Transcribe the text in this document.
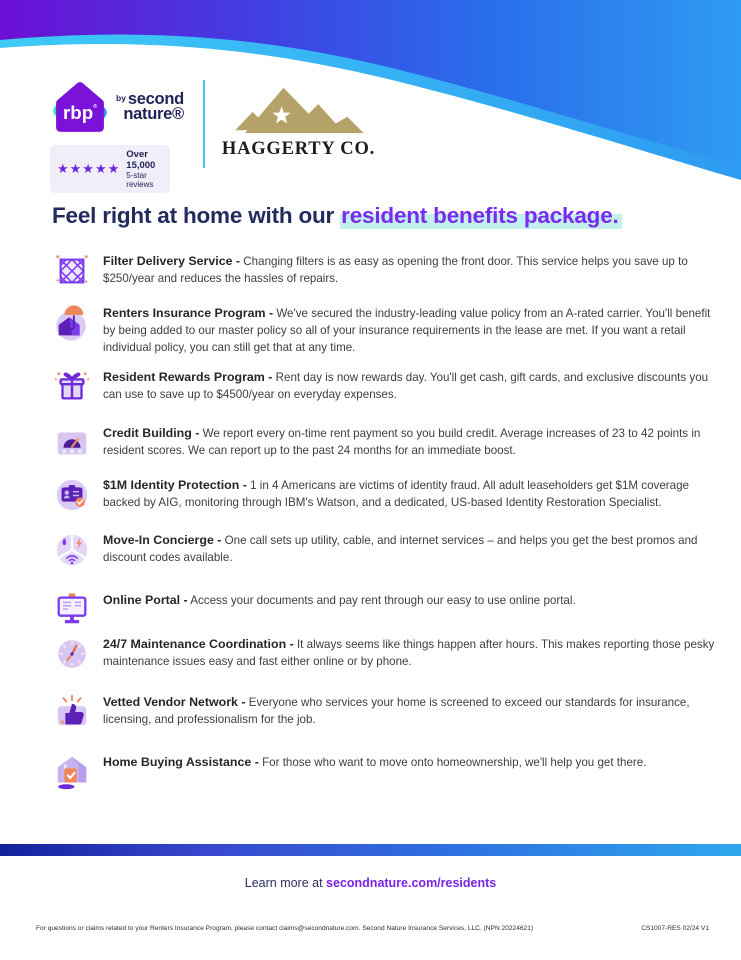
rbp ®
by second
nature®
★★★★★
Over 15,000
5-star reviews
HAGGERTY CO.
Feel right at home with our resident benefits package.
Filter Delivery Service - Changing filters is as easy as opening the front door. This service helps you save up to $250/year and reduces the hassles of repairs.
Renters Insurance Program - We've secured the industry-leading value policy from an A-rated carrier. You'll benefit by being added to our master policy so all of your insurance requirements in the lease are met. If you want a retail individual policy, you can still get that at any time.
Resident Rewards Program - Rent day is now rewards day. You'll get cash, gift cards, and exclusive discounts you can use to save up to $4500/year on everyday expenses.
★ ★ ★
Credit Building - We report every on-time rent payment so you build credit. Average increases of 23 to 42 points in resident scores. We can report up to the past 24 months for an immediate boost.
$1M Identity Protection - 1 in 4 Americans are victims of identity fraud. All adult leaseholders get $1M coverage backed by AIG, monitoring through IBM's Watson, and a dedicated, US-based Identity Restoration Specialist.
Move-In Concierge - One call sets up utility, cable, and internet services – and helps you get the best promos and discount codes available.
Online Portal - Access your documents and pay rent through our easy to use online portal.
24/7 Maintenance Coordination - It always seems like things happen after hours. This makes reporting those pesky maintenance issues easy and fast either online or by phone.
Vetted Vendor Network - Everyone who services your home is screened to exceed our standards for insurance, licensing, and professionalism for the job.
Home Buying Assistance - For those who want to move onto homeownership, we'll help you get there.
Learn more at secondnature.com/residents
For questions or claims related to your Renters Insurance Program, please contact claims@secondnature.com. Second Nature Insurance Services, LLC. (NPN 20224621)	CS1007-RES 02/24 V1
